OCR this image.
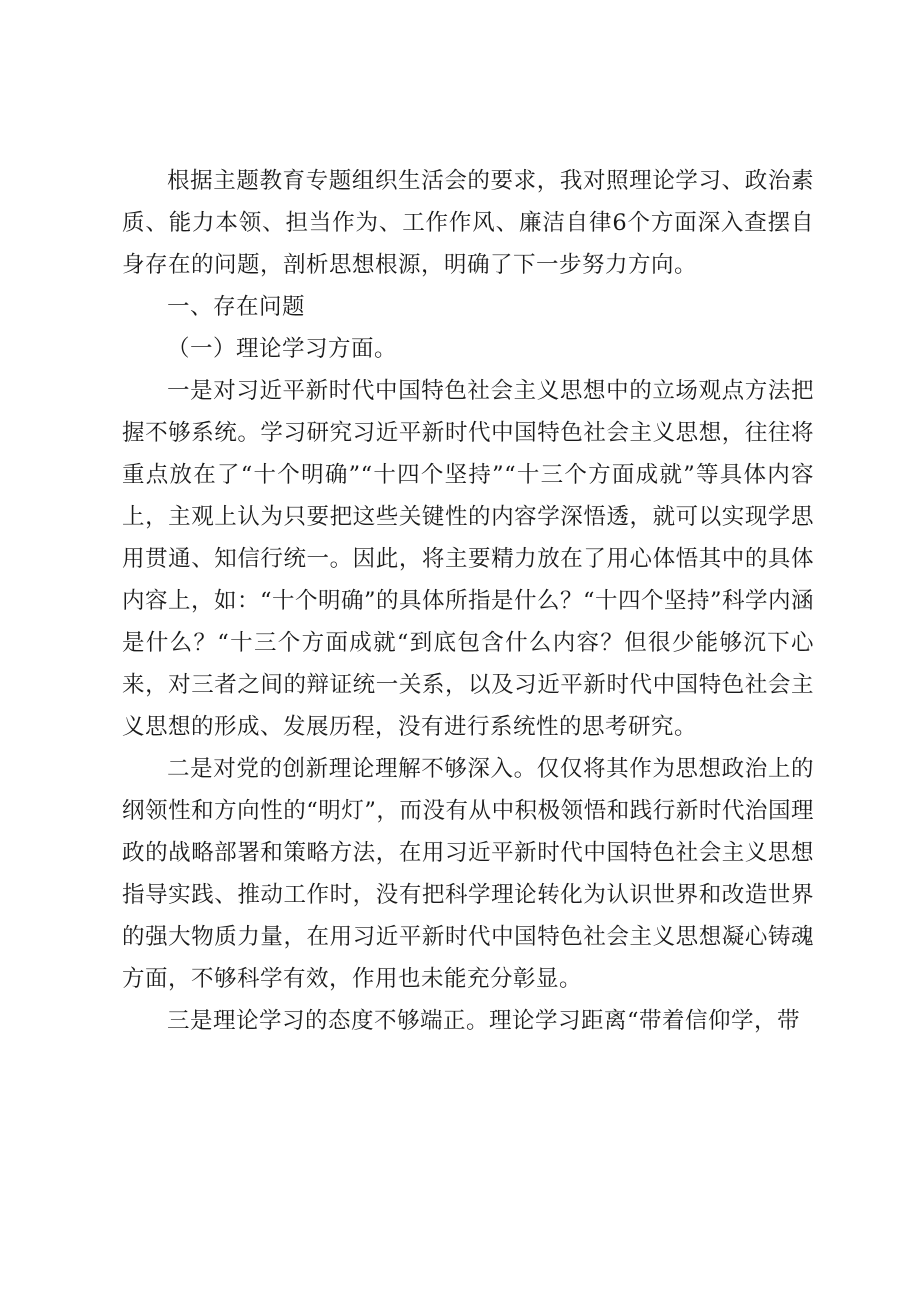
根据主题教育专题组织生活会的要求，我对照理论学习、政治素质、能力本领、担当作为、工作作风、廉洁自律6个方面深入查摆自身存在的问题，剖析思想根源，明确了下一步努力方向。

一、存在问题

（一）理论学习方面。

一是对习近平新时代中国特色社会主义思想中的立场观点方法把握不够系统。学习研究习近平新时代中国特色社会主义思想，往往将重点放在了“十个明确”“十四个坚持”“十三个方面成就”等具体内容上，主观上认为只要把这些关键性的内容学深悟透，就可以实现学思用贯通、知信行统一。因此，将主要精力放在了用心体悟其中的具体内容上，如：“十个明确”的具体所指是什么？“十四个坚持”科学内涵是什么？“十三个方面成就“到底包含什么内容？但很少能够沉下心来，对三者之间的辩证统一关系，以及习近平新时代中国特色社会主义思想的形成、发展历程，没有进行系统性的思考研究。

二是对党的创新理论理解不够深入。仅仅将其作为思想政治上的纲领性和方向性的“明灯”，而没有从中积极领悟和践行新时代治国理政的战略部署和策略方法，在用习近平新时代中国特色社会主义思想指导实践、推动工作时，没有把科学理论转化为认识世界和改造世界的强大物质力量，在用习近平新时代中国特色社会主义思想凝心铸魂方面，不够科学有效，作用也未能充分彰显。

三是理论学习的态度不够端正。理论学习距离“带着信仰学，带
